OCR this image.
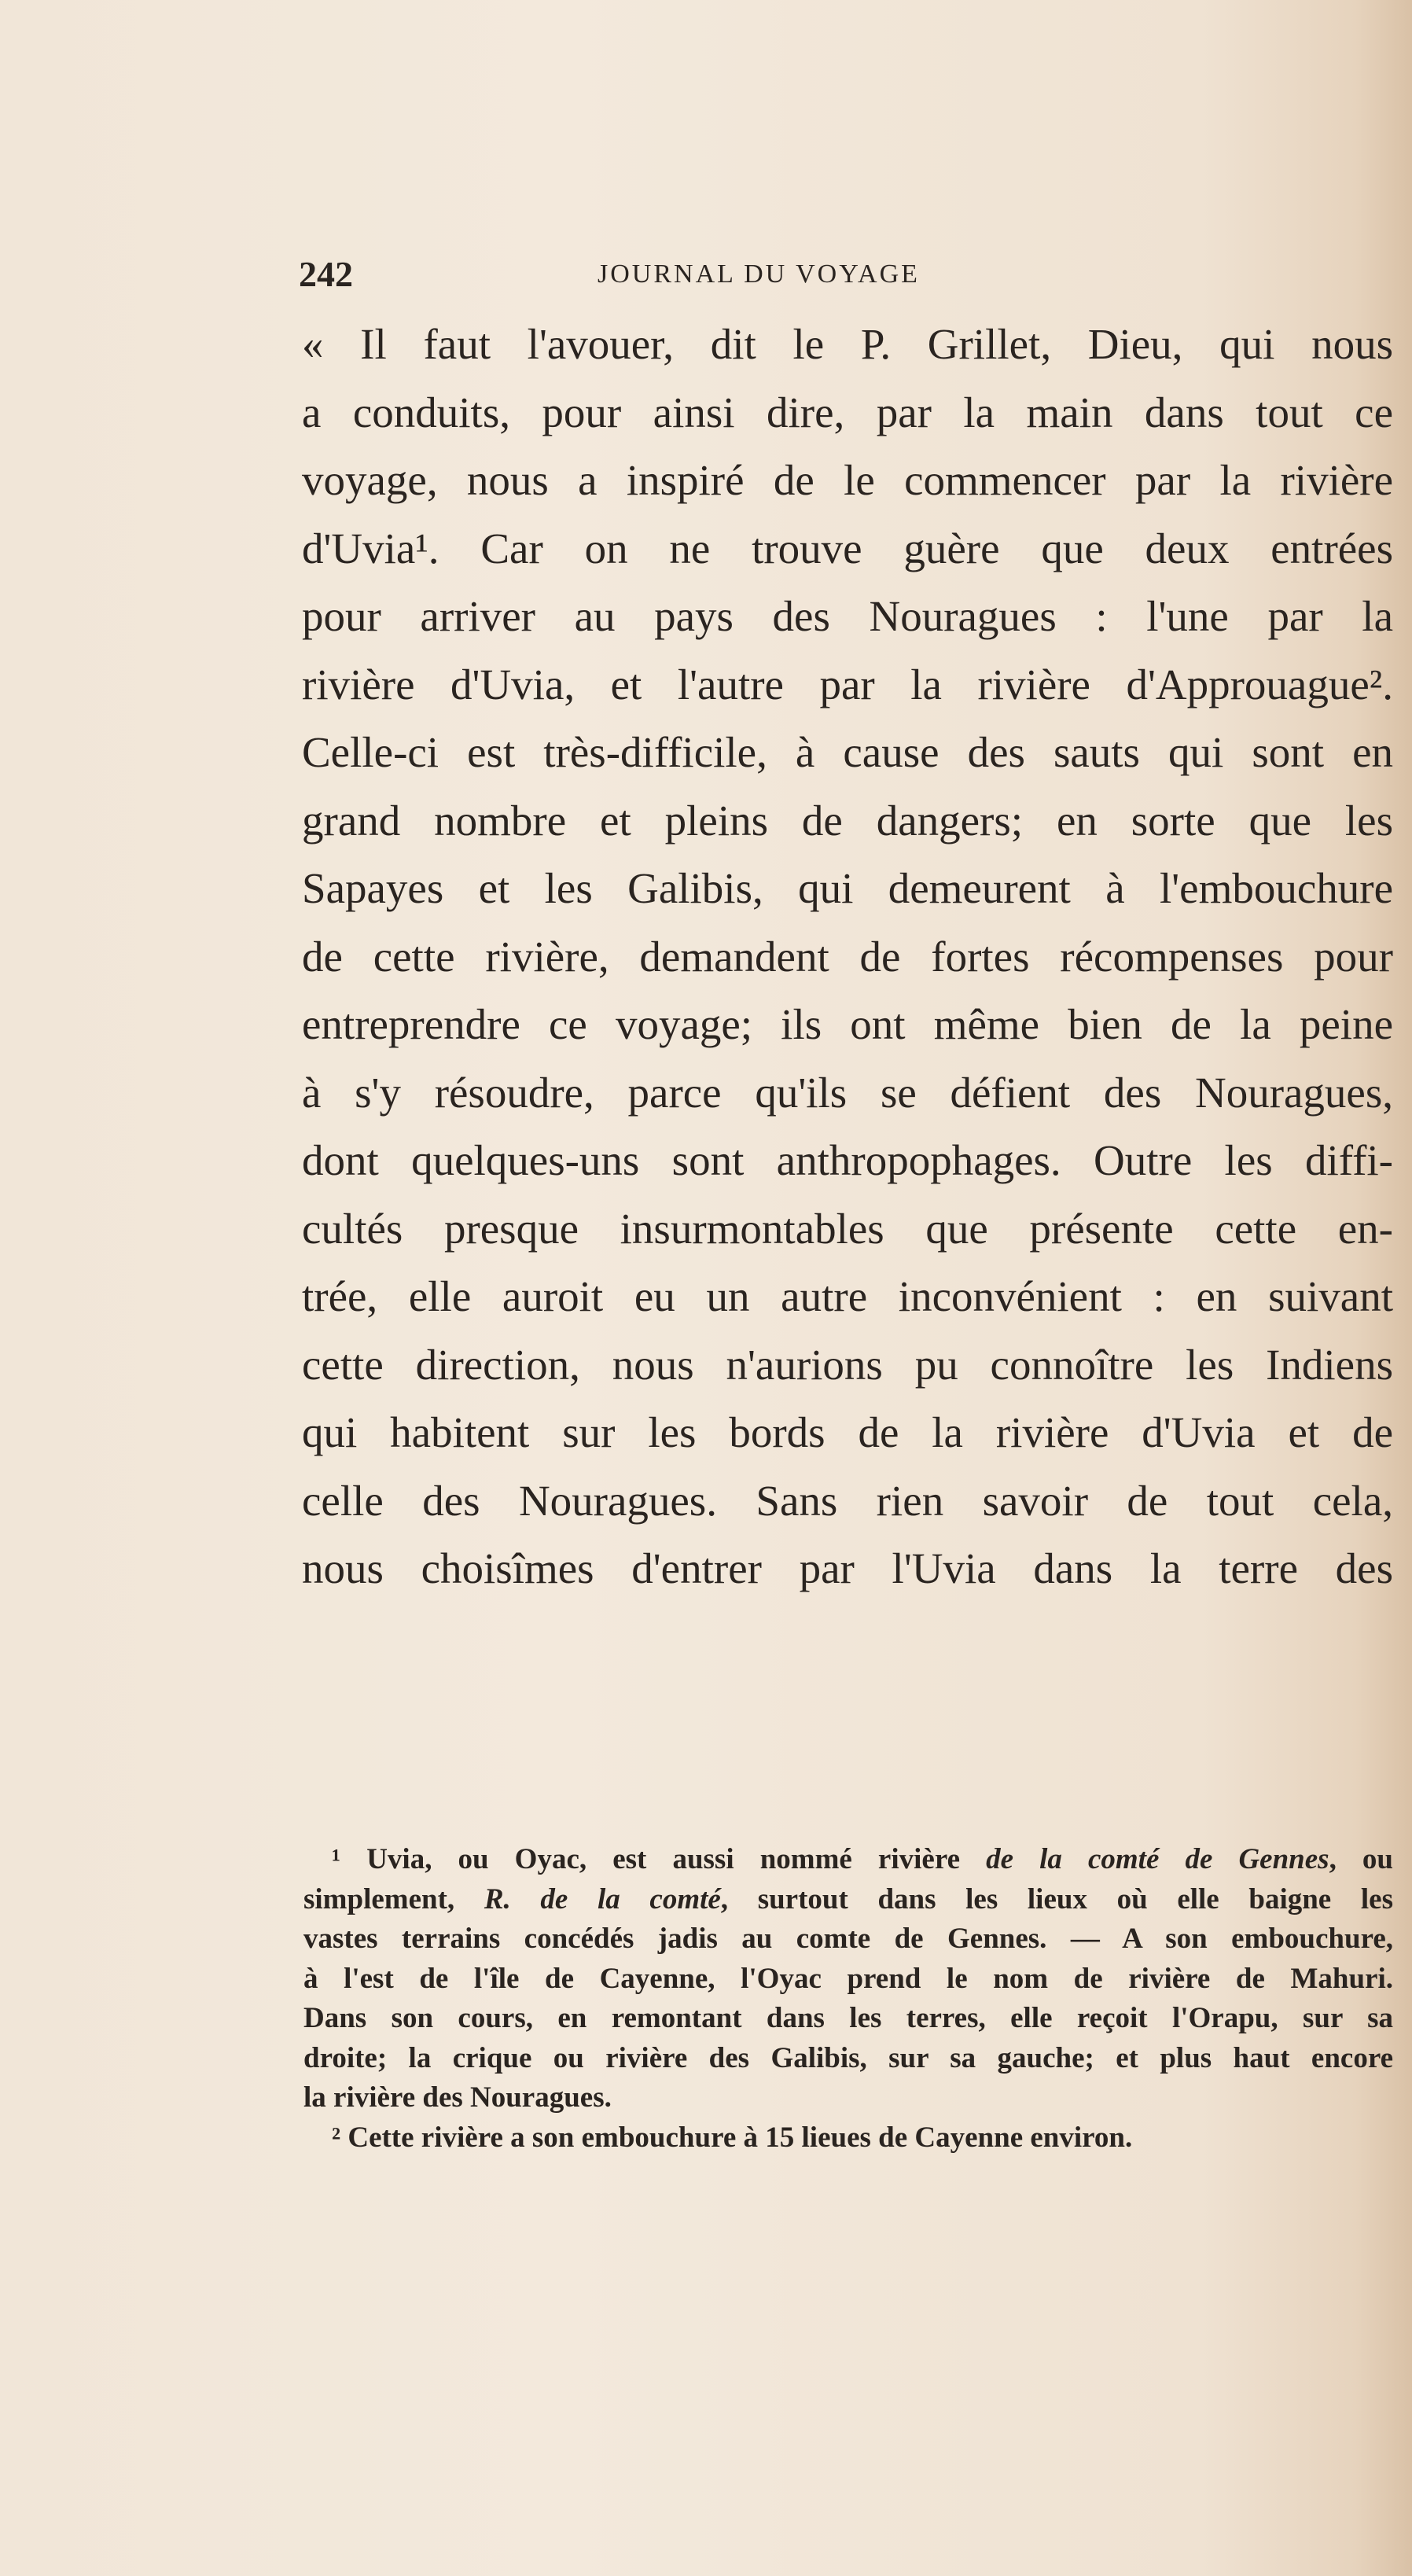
242	JOURNAL DU VOYAGE
« Il faut l'avouer, dit le P. Grillet, Dieu, qui nous
a conduits, pour ainsi dire, par la main dans tout ce
voyage, nous a inspiré de le commencer par la rivière
d'Uvia¹. Car on ne trouve guère que deux entrées
pour arriver au pays des Nouragues : l'une par la
rivière d'Uvia, et l'autre par la rivière d'Approuague².
Celle-ci est très-difficile, à cause des sauts qui sont en
grand nombre et pleins de dangers; en sorte que les
Sapayes et les Galibis, qui demeurent à l'embouchure
de cette rivière, demandent de fortes récompenses pour
entreprendre ce voyage; ils ont même bien de la peine
à s'y résoudre, parce qu'ils se défient des Nouragues,
dont quelques-uns sont anthropophages. Outre les diffi-
cultés presque insurmontables que présente cette en-
trée, elle auroit eu un autre inconvénient : en suivant
cette direction, nous n'aurions pu connoître les Indiens
qui habitent sur les bords de la rivière d'Uvia et de
celle des Nouragues. Sans rien savoir de tout cela,
nous choisîmes d'entrer par l'Uvia dans la terre des
¹ Uvia, ou Oyac, est aussi nommé rivière de la comté de Gennes, ou
simplement, R. de la comté, surtout dans les lieux où elle baigne les
vastes terrains concédés jadis au comte de Gennes. — A son embouchure,
à l'est de l'île de Cayenne, l'Oyac prend le nom de rivière de Mahuri.
Dans son cours, en remontant dans les terres, elle reçoit l'Orapu, sur sa
droite; la crique ou rivière des Galibis, sur sa gauche; et plus haut encore
la rivière des Nouragues.
² Cette rivière a son embouchure à 15 lieues de Cayenne environ.
